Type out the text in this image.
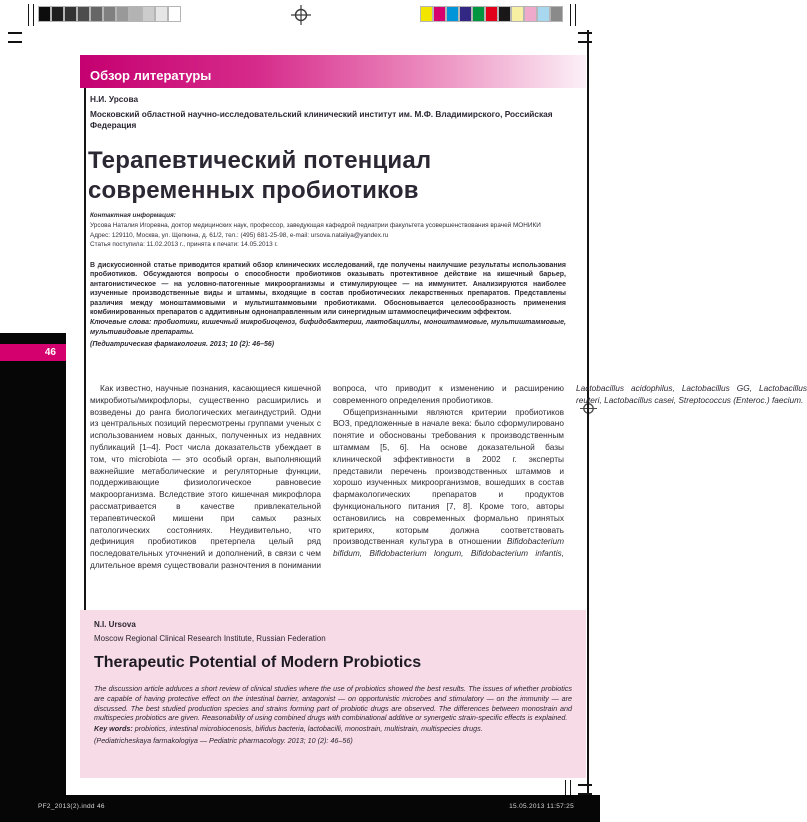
46
Обзор литературы
Н.И. Урсова
Московский областной научно-исследовательский клинический институт им. М.Ф. Владимирского, Российская Федерация
Терапевтический потенциал современных пробиотиков
Контактная информация:
Урсова Наталия Игоревна, доктор медицинских наук, профессор, заведующая кафедрой педиатрии факультета усовершенствования врачей МОНИКИ
Адрес: 129110, Москва, ул. Щепкина, д. 61/2, тел.: (495) 681-25-98, e-mail: ursova.nataliya@yandex.ru
Статья поступила: 11.02.2013 г., принята к печати: 14.05.2013 г.
В дискуссионной статье приводится краткий обзор клинических исследований, где получены наилучшие результаты использования пробиотиков. Обсуждаются вопросы о способности пробиотиков оказывать протективное действие на кишечный барьер, антагонистическое — на условно-патогенные микроорганизмы и стимулирующее — на иммунитет. Анализируются наиболее изученные производственные виды и штаммы, входящие в состав пробиотических лекарственных препаратов. Представлены различия между моноштаммовыми и мультиштаммовыми пробиотиками. Обосновывается целесообразность применения комбинированных препаратов с аддитивным однонаправленным или синергидным штаммоспецифическим эффектом.
Ключевые слова: пробиотики, кишечный микробиоценоз, бифидобактерии, лактобациллы, моноштаммовые, мультиштаммовые, мультивидовые препараты.
(Педиатрическая фармакология. 2013; 10 (2): 46–56)

Как известно, научные познания, касающиеся кишечной микробиоты/микрофлоры, существенно расширились и возведены до ранга биологических мегаиндустрий. Одни из центральных позиций пересмотрены группами ученых с использованием новых данных, полученных из недавних публикаций [1–4]. Рост числа доказательств убеждает в том, что microbiota — это особый орган, выполняющий важнейшие метаболические и регуляторные функции, поддерживающие физиологическое равновесие макроорганизма. Вследствие этого кишечная микрофлора рассматривается в качестве привлекательной терапевтической мишени при самых разных патологических состояниях. Неудивительно, что дефиниция пробиотиков претерпела целый ряд последовательных уточнений и дополнений, в связи с чем длительное время существовали разночтения в понимании вопроса, что приводит к изменению и расширению современного определения пробиотиков.

Общепризнанными являются критерии пробиотиков ВОЗ, предложенные в начале века: было сформулировано понятие и обоснованы требования к производственным штаммам [5, 6]. На основе доказательной базы клинической эффективности в 2002 г. эксперты представили перечень производственных штаммов и хорошо изученных микроорганизмов, вошедших в состав фармакологических препаратов и продуктов функционального питания [7, 8]. Кроме того, авторы остановились на современных формально принятых критериях, которым должна соответствовать производственная культура в отношении Bifidobacterium bifidum, Bifidobacterium longum, Bifidobacterium infantis, Lactobacillus acidophilus, Lactobacillus GG, Lactobacillus reuteri, Lactobacillus casei, Streptococcus (Enteroc.) faecium.

N.I. Ursova
Moscow Regional Clinical Research Institute, Russian Federation
Therapeutic Potential of Modern Probiotics
The discussion article adduces a short review of clinical studies where the use of probiotics showed the best results. The issues of whether probiotics are capable of having protective effect on the intestinal barrier, antagonist — on opportunistic microbes and stimulatory — on the immunity — are discussed. The best studied production species and strains forming part of probiotic drugs are observed. The differences between monostrain and multispecies probiotics are given. Reasonability of using combined drugs with combinational additive or synergetic strain-specific effects is explained.
Key words: probiotics, intestinal microbiocenosis, bifidus bacteria, lactobacilli, monostrain, multistrain, multispecies drugs.
(Pediatricheskaya farmakologiya — Pediatric pharmacology. 2013; 10 (2): 46–56)
PF2_2013(2).indd 46	15.05.2013 11:57:25
